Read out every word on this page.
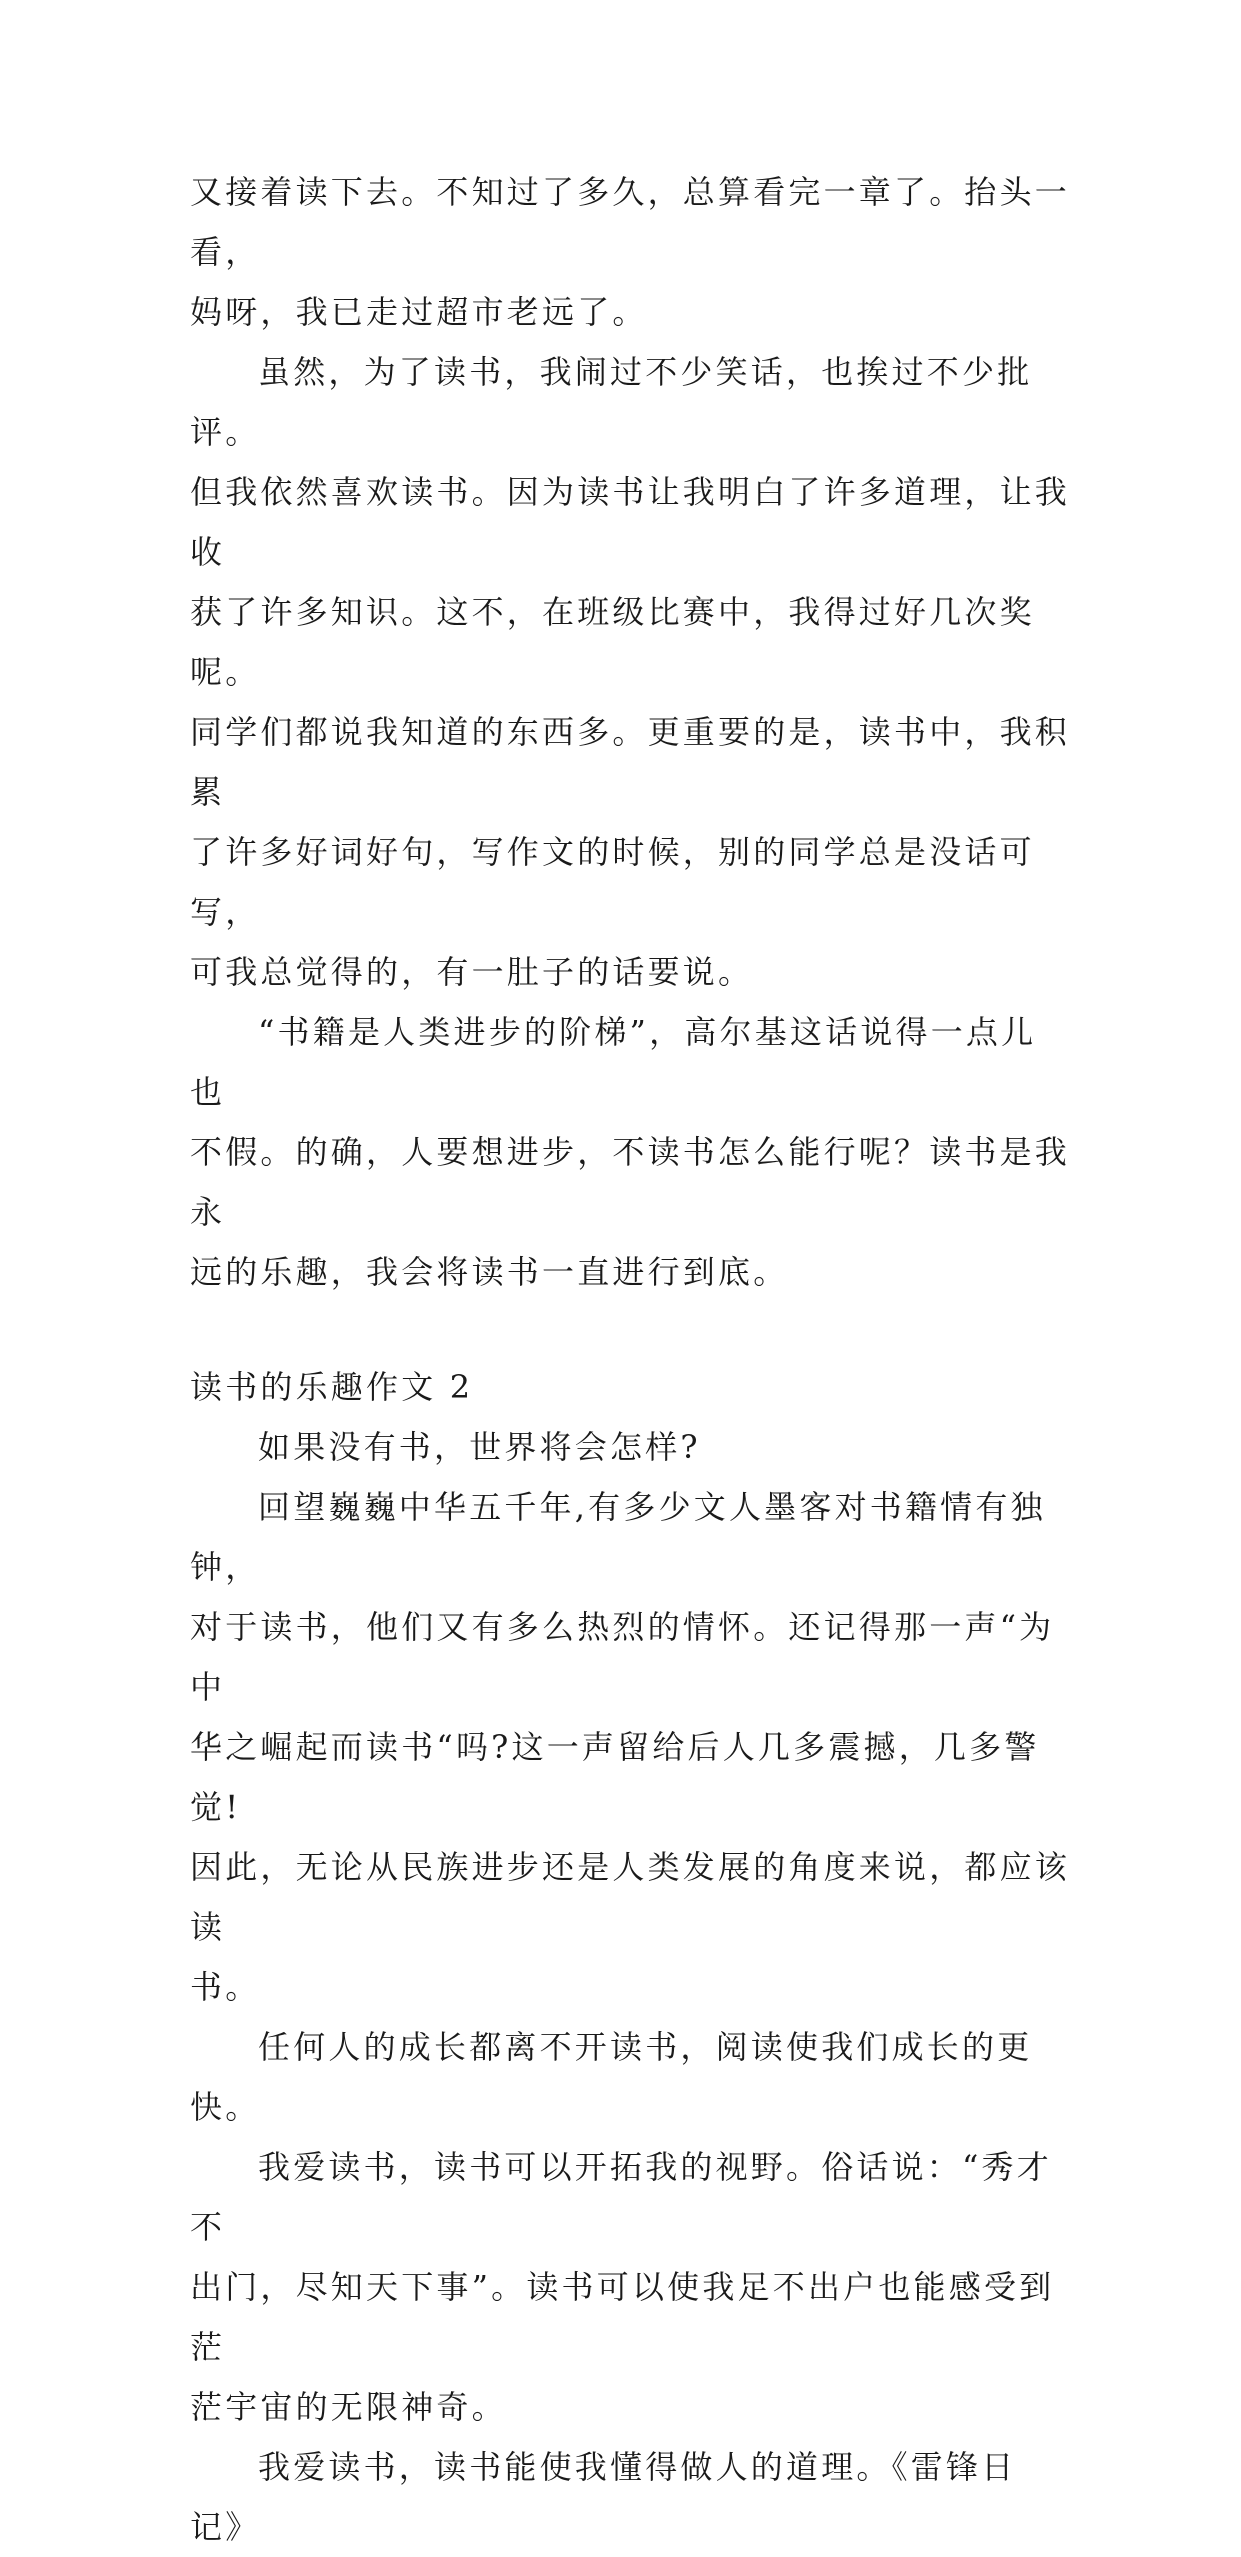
又接着读下去。不知过了多久，总算看完一章了。抬头一看，
妈呀，我已走过超市老远了。

虽然，为了读书，我闹过不少笑话，也挨过不少批评。
但我依然喜欢读书。因为读书让我明白了许多道理，让我收
获了许多知识。这不，在班级比赛中，我得过好几次奖呢。
同学们都说我知道的东西多。更重要的是，读书中，我积累
了许多好词好句，写作文的时候，别的同学总是没话可写，
可我总觉得的，有一肚子的话要说。

“书籍是人类进步的阶梯”，高尔基这话说得一点儿也
不假。的确，人要想进步，不读书怎么能行呢？读书是我永
远的乐趣，我会将读书一直进行到底。

读书的乐趣作文 2

如果没有书，世界将会怎样?

回望巍巍中华五千年,有多少文人墨客对书籍情有独钟，
对于读书，他们又有多么热烈的情怀。还记得那一声“为中
华之崛起而读书“吗?这一声留给后人几多震撼，几多警觉!
因此，无论从民族进步还是人类发展的角度来说，都应该读
书。

任何人的成长都离不开读书，阅读使我们成长的更快。

我爱读书，读书可以开拓我的视野。俗话说：“秀才不
出门，尽知天下事”。读书可以使我足不出户也能感受到茫
茫宇宙的无限神奇。

我爱读书，读书能使我懂得做人的道理。《雷锋日记》
